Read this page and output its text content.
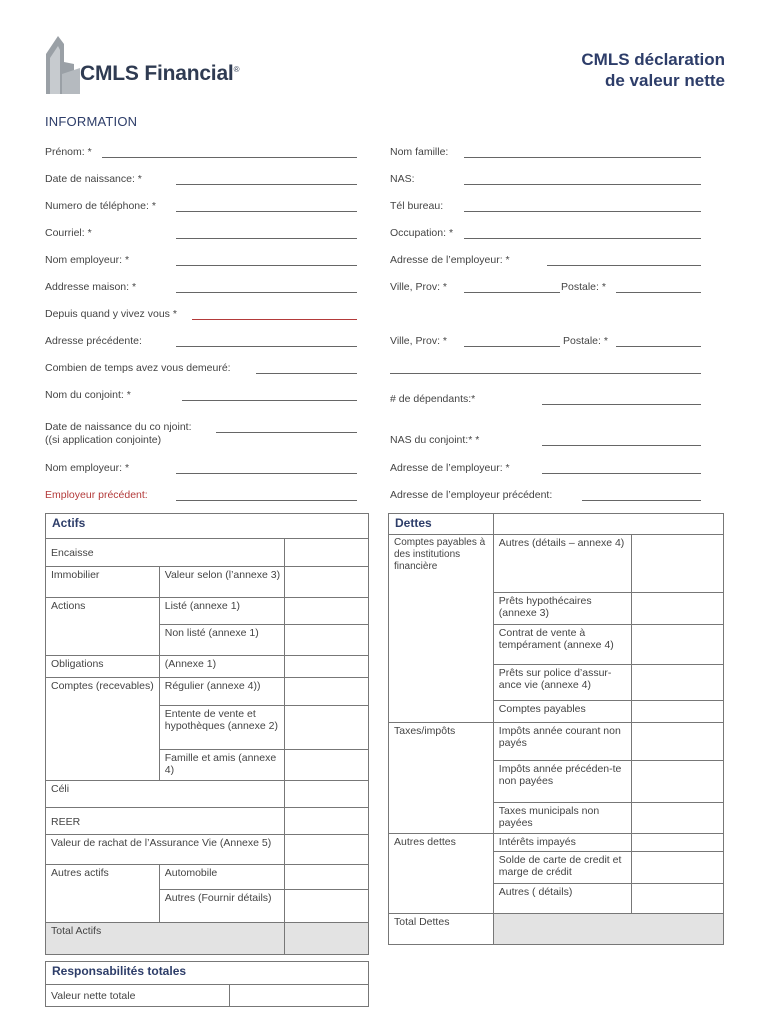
CMLS Financial®
CMLS déclaration
de valeur nette
INFORMATION
Prénom: *
Date de naissance: *
Numero de téléphone: *
Courriel: *
Nom employeur: *
Addresse maison: *
Depuis quand y vivez vous *
Adresse précédente:
Combien de temps avez vous demeuré:
Nom du conjoint: *
Date de naissance du co njoint:
((si application conjointe)
Nom employeur: *
Employeur précédent:
Nom famille:
NAS:
Tél bureau:
Occupation: *
Adresse de l’employeur: *
Ville, Prov: *	Postale: *
Ville, Prov: *	Postale: *
# de dépendants:*
NAS du conjoint:* *
Adresse de l’employeur: *
Adresse de l’employeur précédent:
Actifs		
Encaisse		
Immobilier	Valeur selon (l’annexe 3)	
Actions	Listé (annexe 1)	
	Non listé (annexe 1)	
Obligations	(Annexe 1)	
Comptes (recevables)	Régulier (annexe 4))	
	Entente de vente et hypothèques (annexe 2)	
	Famille et amis (annexe 4)	
Céli		
REER		
Valeur de rachat de l’Assurance Vie (Annexe 5)		
Autres actifs	Automobile	
	Autres (Fournir détails)	
Total Actifs		
Dettes		
Comptes payables à des institutions financière	Autres (détails – annexe 4)	
	Prêts hypothécaires (annexe 3)	
	Contrat de vente à tempérament (annexe 4)	
	Prêts sur police d’assur-ance vie (annexe 4)	
	Comptes payables	
Taxes/impôts	Impôts année courant non payés	
	Impôts année précéden-te non payées	
	Taxes municipals non payées	
Autres dettes	Intérêts impayés	
	Solde de carte de credit et marge de crédit	
	Autres ( détails)	
Total Dettes		
Responsabilités totales
Valeur nette totale	
